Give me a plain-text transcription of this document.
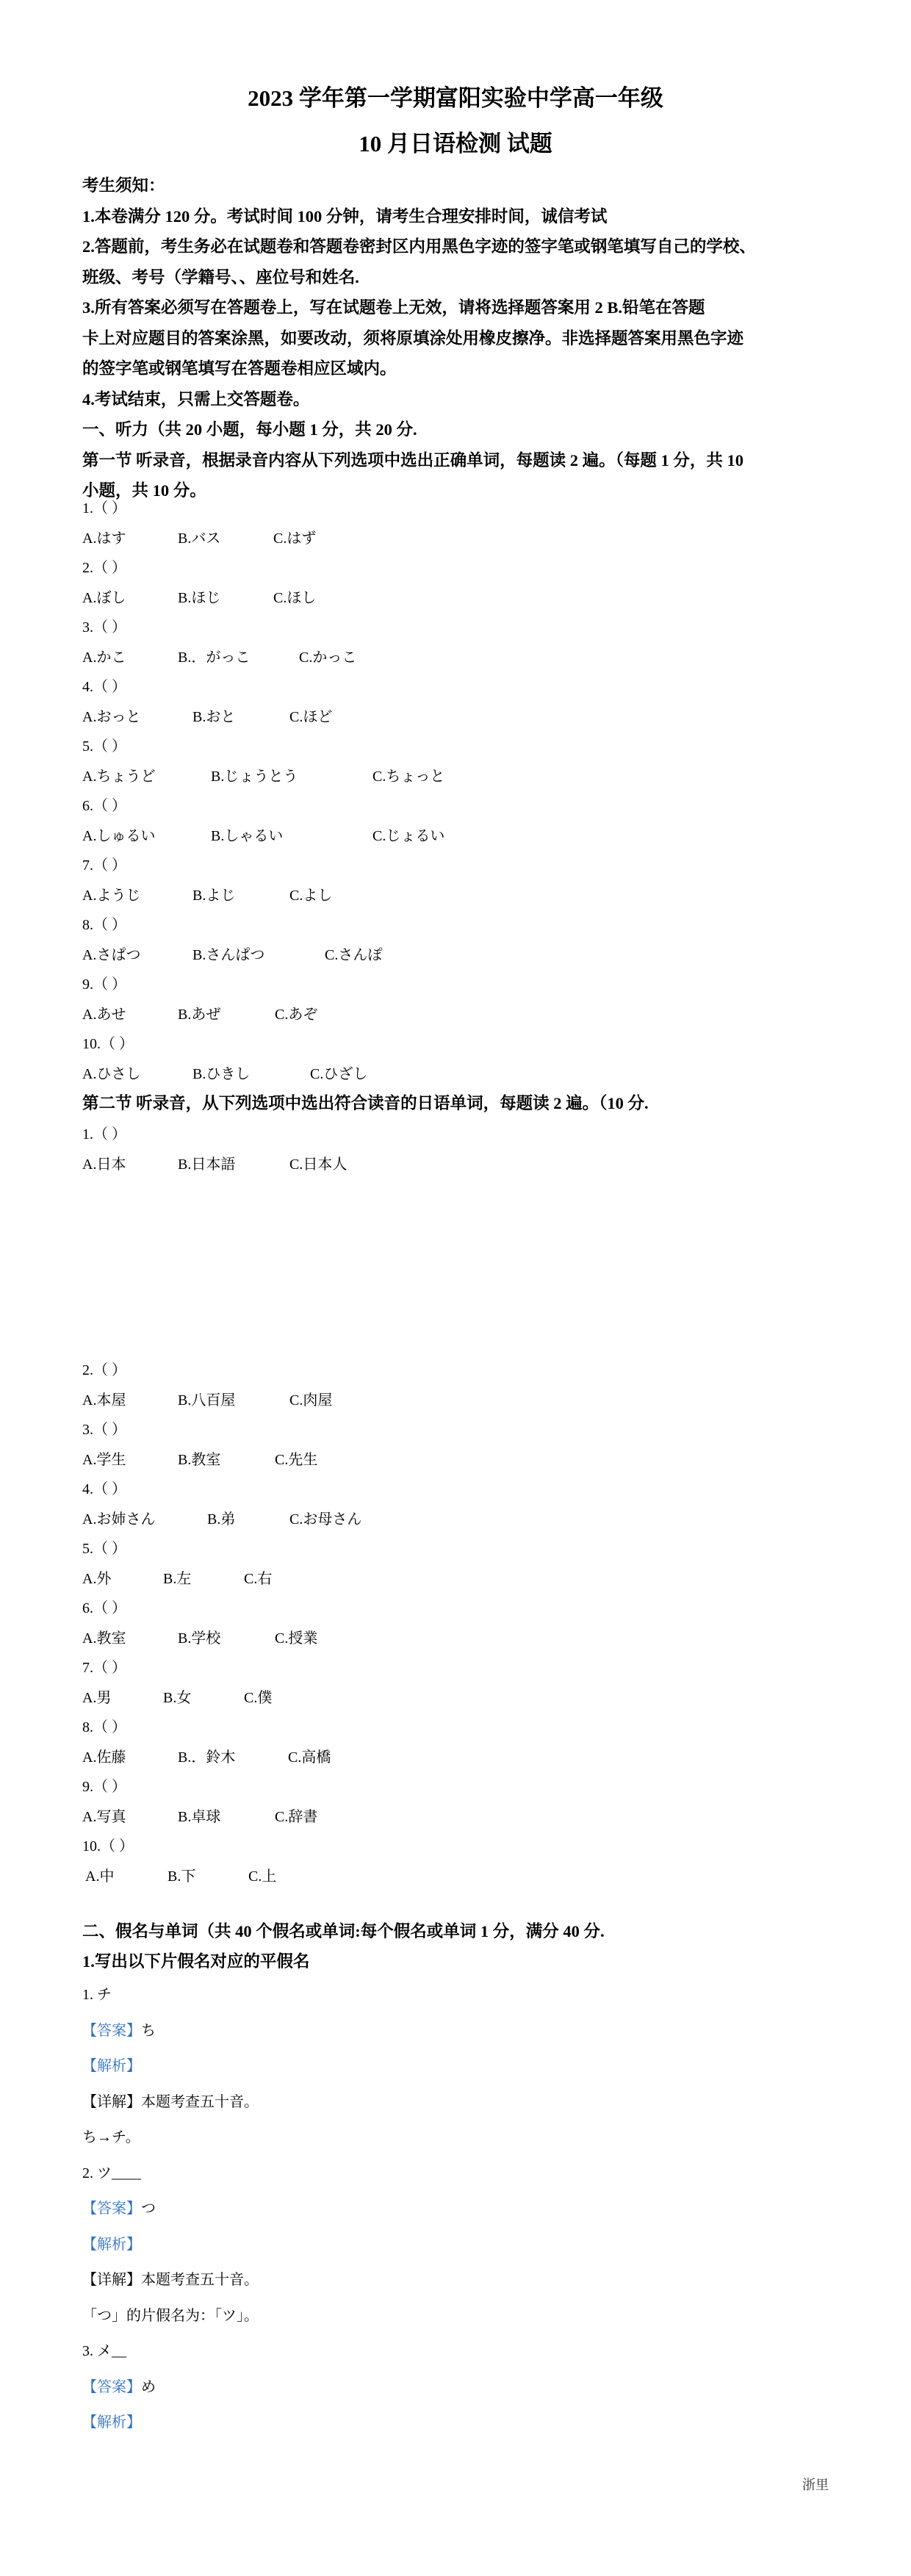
2023 学年第一学期富阳实验中学高一年级
10 月日语检测 试题
考生须知：
1.本卷满分 120 分。考试时间 100 分钟，请考生合理安排时间，诚信考试
2.答题前，考生务必在试题卷和答题卷密封区内用黑色字迹的签字笔或钢笔填写自己的学校、
班级、考号（学籍号、、座位号和姓名.
3.所有答案必须写在答题卷上，写在试题卷上无效，请将选择题答案用 2 B.铅笔在答题
卡上对应题目的答案涂黑，如要改动，须将原填涂处用橡皮擦净。非选择题答案用黑色字迹
的签字笔或钢笔填写在答题卷相应区域内。
4.考试结束，只需上交答题卷。
一、听力（共 20 小题，每小题 1 分，共 20 分.
第一节 听录音，根据录音内容从下列选项中选出正确单词，每题读 2 遍。（每题 1 分，共 10
小题，共 10 分。
1.（ ）
A.はす	B.バス	C.はず
2.（ ）
A.ぼし	B.ほじ	C.ほし
3.（ ）
A.かこ	B.．がっこ	C.かっこ
4.（ ）
A.おっと	B.おと	C.ほど
5.（ ）
A.ちょうど	B.じょうとう	C.ちょっと
6.（ ）
A.しゅるい	B.しゃるい	C.じょるい
7.（ ）
A.ようじ	B.よじ	C.よし
8.（ ）
A.さぱつ	B.さんぱつ	C.さんぽ
9.（ ）
A.あせ	B.あぜ	C.あぞ
10.（ ）
A.ひさし	B.ひきし	C.ひざし
第二节 听录音，从下列选项中选出符合读音的日语单词，每题读 2 遍。（10 分.
1.（ ）
A.日本	B.日本語	C.日本人
2.（ ）
A.本屋	B.八百屋	C.肉屋
3.（ ）
A.学生	B.教室	C.先生
4.（ ）
A.お姉さん	B.弟	C.お母さん
5.（ ）
A.外	B.左	C.右
6.（ ）
A.教室	B.学校	C.授業
7.（ ）
A.男	B.女	C.僕
8.（ ）
A.佐藤	B.．鈴木	C.高橋
9.（ ）
A.写真	B.卓球	C.辞書
10.（ ）
A.中	B.下	C.上
二、假名与单词（共 40 个假名或单词:每个假名或单词 1 分，满分 40 分.
1.写出以下片假名对应的平假名
1. チ
【答案】ち
【解析】
【详解】本题考查五十音。
ち→チ。
2. ツ____
【答案】つ
【解析】
【详解】本题考查五十音。
「つ」的片假名为：「ツ」。
3. メ__
【答案】め
【解析】
浙里
